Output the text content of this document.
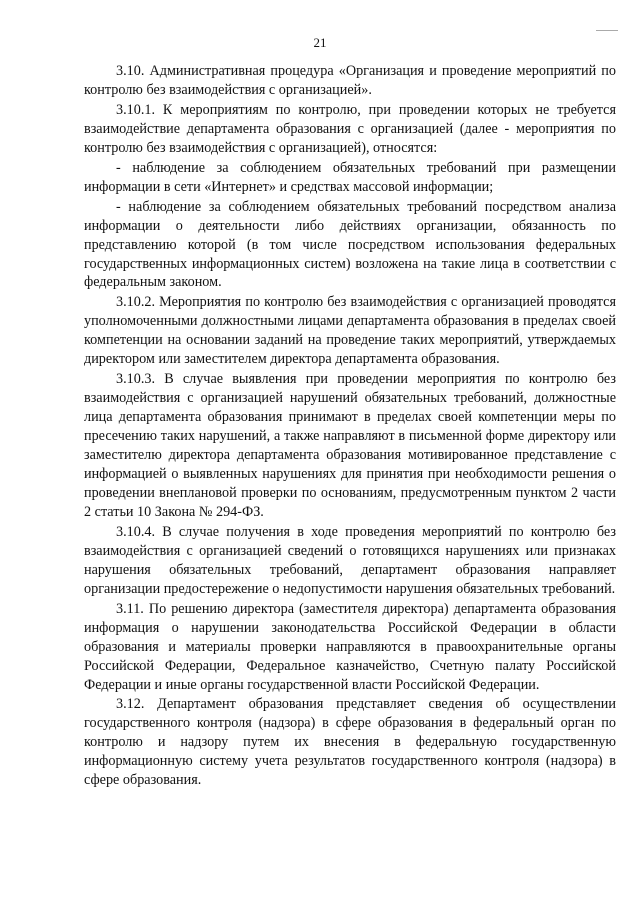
21

3.10. Административная процедура «Организация и проведение мероприятий по контролю без взаимодействия с организацией».

3.10.1. К мероприятиям по контролю, при проведении которых не требуется взаимодействие департамента образования с организацией (далее - мероприятия по контролю без взаимодействия с организацией), относятся:

- наблюдение за соблюдением обязательных требований при размещении информации в сети «Интернет» и средствах массовой информации;

- наблюдение за соблюдением обязательных требований посредством анализа информации о деятельности либо действиях организации, обязанность по представлению которой (в том числе посредством использования федеральных государственных информационных систем) возложена на такие лица в соответствии с федеральным законом.

3.10.2. Мероприятия по контролю без взаимодействия с организацией проводятся уполномоченными должностными лицами департамента образования в пределах своей компетенции на основании заданий на проведение таких мероприятий, утверждаемых директором или заместителем директора департамента образования.

3.10.3. В случае выявления при проведении мероприятия по контролю без взаимодействия с организацией нарушений обязательных требований, должностные лица департамента образования принимают в пределах своей компетенции меры по пресечению таких нарушений, а также направляют в письменной форме директору или заместителю директора департамента образования мотивированное представление с информацией о выявленных нарушениях для принятия при необходимости решения о проведении внеплановой проверки по основаниям, предусмотренным пунктом 2 части 2 статьи 10 Закона № 294-ФЗ.

3.10.4. В случае получения в ходе проведения мероприятий по контролю без взаимодействия с организацией сведений о готовящихся нарушениях или признаках нарушения обязательных требований, департамент образования направляет организации предостережение о недопустимости нарушения обязательных требований.

3.11. По решению директора (заместителя директора) департамента образования информация о нарушении законодательства Российской Федерации в области образования и материалы проверки направляются в правоохранительные органы Российской Федерации, Федеральное казначейство, Счетную палату Российской Федерации и иные органы государственной власти Российской Федерации.

3.12. Департамент образования представляет сведения об осуществлении государственного контроля (надзора) в сфере образования в федеральный орган по контролю и надзору путем их внесения в федеральную государственную информационную систему учета результатов государственного контроля (надзора) в сфере образования.
